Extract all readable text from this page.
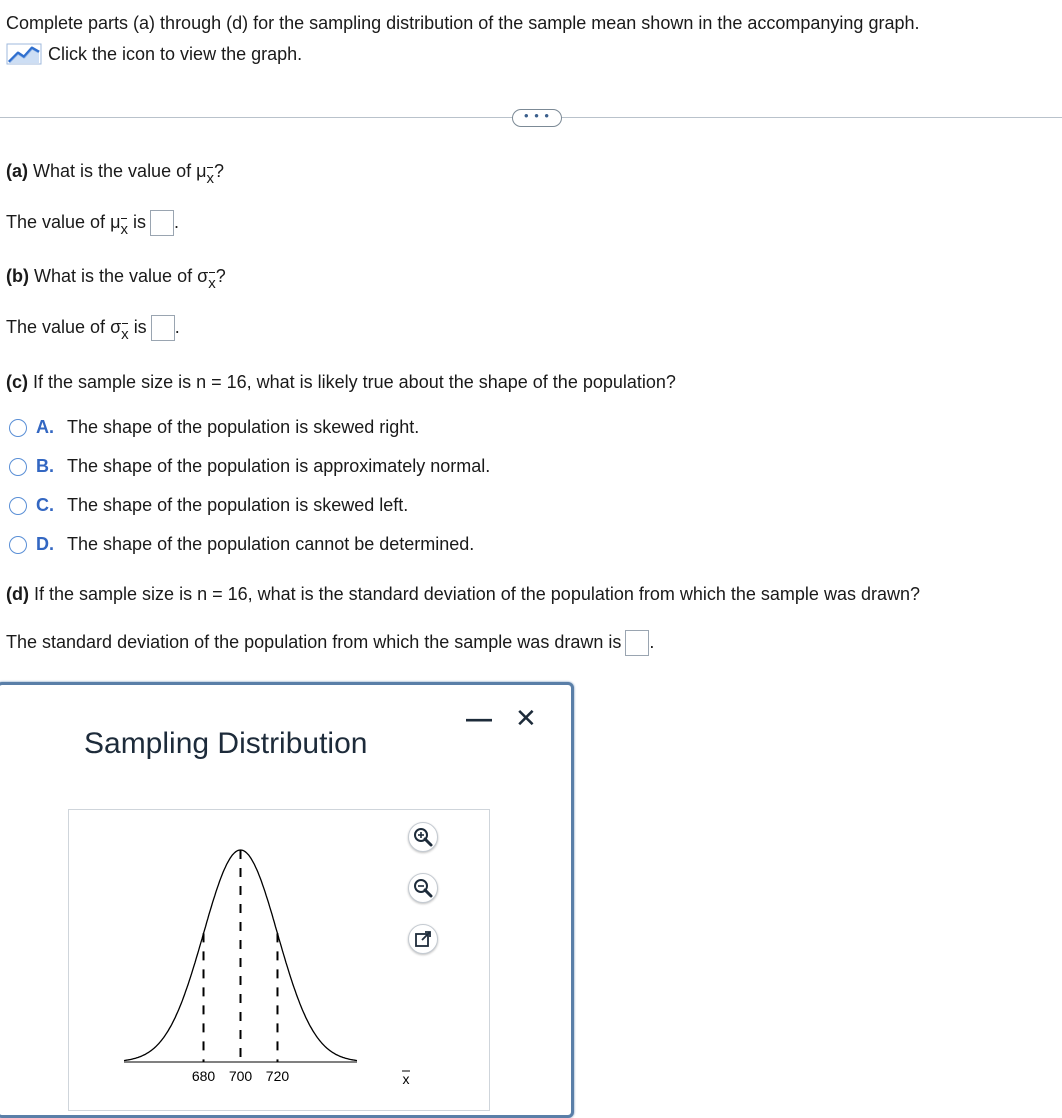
Complete parts (a) through (d) for the sampling distribution of the sample mean shown in the accompanying graph.
Click the icon to view the graph.
• • •
(a) What is the value of $\mu_x$?
The value of $\mu_x$ is .
(b) What is the value of $\sigma_x$?
The value of $\sigma_x$ is .
(c) If the sample size is n = 16, what is likely true about the shape of the population?
A. The shape of the population is skewed right.
B. The shape of the population is approximately normal.
C. The shape of the population is skewed left.
D. The shape of the population cannot be determined.
(d) If the sample size is n = 16, what is the standard deviation of the population from which the sample was drawn?
The standard deviation of the population from which the sample was drawn is .
— ✕
Sampling Distribution
680 700 720	x
